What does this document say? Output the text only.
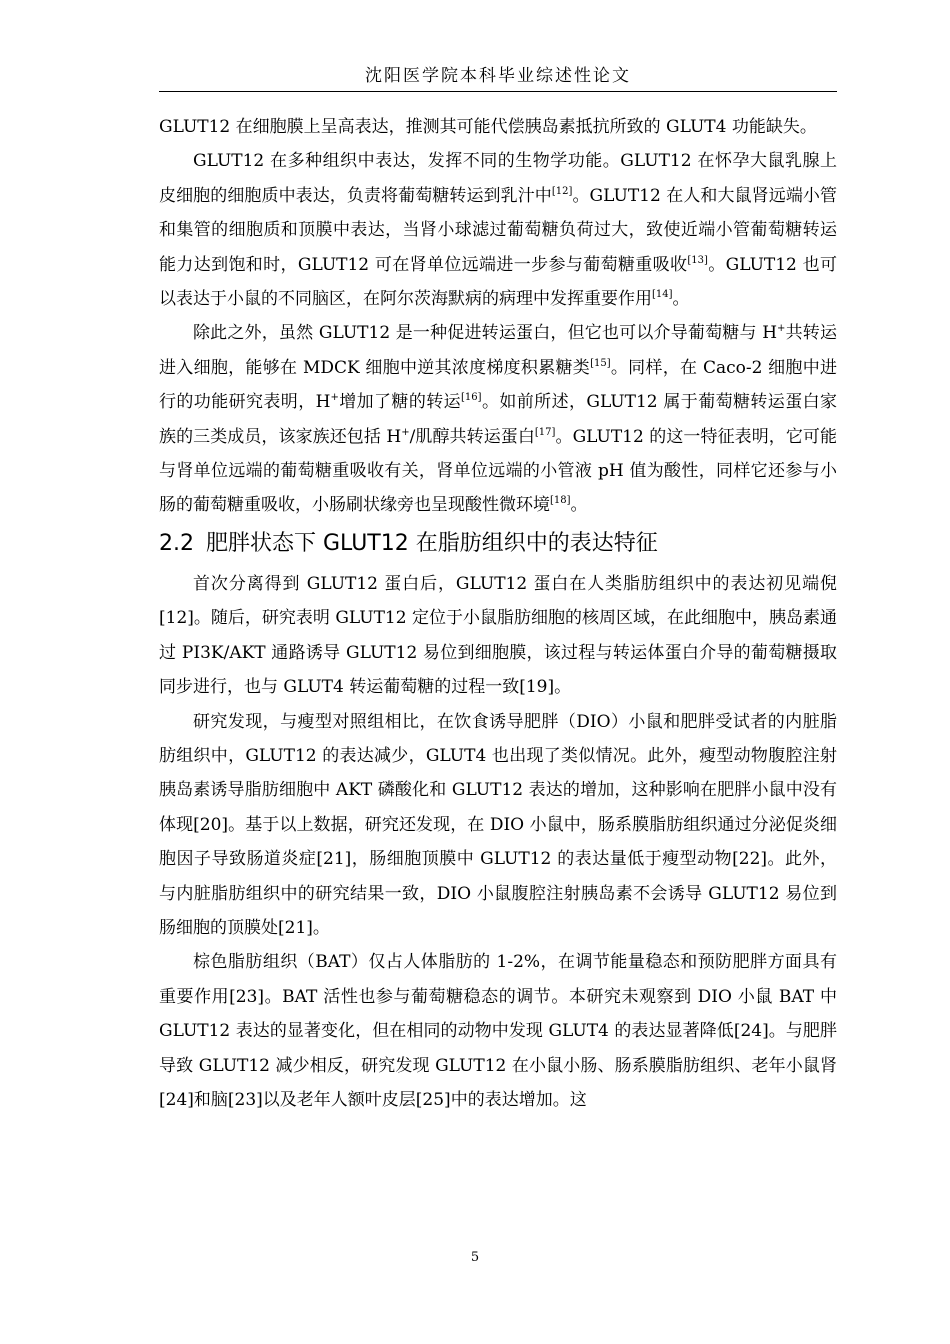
沈阳医学院本科毕业综述性论文

GLUT12 在细胞膜上呈高表达，推测其可能代偿胰岛素抵抗所致的 GLUT4 功能缺失。

GLUT12 在多种组织中表达，发挥不同的生物学功能。GLUT12 在怀孕大鼠乳腺上皮细胞的细胞质中表达，负责将葡萄糖转运到乳汁中[12]。GLUT12 在人和大鼠肾远端小管和集管的细胞质和顶膜中表达，当肾小球滤过葡萄糖负荷过大，致使近端小管葡萄糖转运能力达到饱和时，GLUT12 可在肾单位远端进一步参与葡萄糖重吸收[13]。GLUT12 也可以表达于小鼠的不同脑区，在阿尔茨海默病的病理中发挥重要作用[14]。

除此之外，虽然 GLUT12 是一种促进转运蛋白，但它也可以介导葡萄糖与 H+共转运进入细胞，能够在 MDCK 细胞中逆其浓度梯度积累糖类[15]。同样，在 Caco-2 细胞中进行的功能研究表明，H+增加了糖的转运[16]。如前所述，GLUT12 属于葡萄糖转运蛋白家族的三类成员，该家族还包括 H+/肌醇共转运蛋白[17]。GLUT12 的这一特征表明，它可能与肾单位远端的葡萄糖重吸收有关，肾单位远端的小管液 pH 值为酸性，同样它还参与小肠的葡萄糖重吸收，小肠刷状缘旁也呈现酸性微环境[18]。

2.2 肥胖状态下 GLUT12 在脂肪组织中的表达特征

首次分离得到 GLUT12 蛋白后，GLUT12 蛋白在人类脂肪组织中的表达初见端倪[12]。随后，研究表明 GLUT12 定位于小鼠脂肪细胞的核周区域，在此细胞中，胰岛素通过 PI3K/AKT 通路诱导 GLUT12 易位到细胞膜，该过程与转运体蛋白介导的葡萄糖摄取同步进行，也与 GLUT4 转运葡萄糖的过程一致[19]。

研究发现，与瘦型对照组相比，在饮食诱导肥胖（DIO）小鼠和肥胖受试者的内脏脂肪组织中，GLUT12 的表达减少，GLUT4 也出现了类似情况。此外，瘦型动物腹腔注射胰岛素诱导脂肪细胞中 AKT 磷酸化和 GLUT12 表达的增加，这种影响在肥胖小鼠中没有体现[20]。基于以上数据，研究还发现，在 DIO 小鼠中，肠系膜脂肪组织通过分泌促炎细胞因子导致肠道炎症[21]，肠细胞顶膜中 GLUT12 的表达量低于瘦型动物[22]。此外，与内脏脂肪组织中的研究结果一致，DIO 小鼠腹腔注射胰岛素不会诱导 GLUT12 易位到肠细胞的顶膜处[21]。

棕色脂肪组织（BAT）仅占人体脂肪的 1-2%，在调节能量稳态和预防肥胖方面具有重要作用[23]。BAT 活性也参与葡萄糖稳态的调节。本研究未观察到 DIO 小鼠 BAT 中 GLUT12 表达的显著变化，但在相同的动物中发现 GLUT4 的表达显著降低[24]。与肥胖导致 GLUT12 减少相反，研究发现 GLUT12 在小鼠小肠、肠系膜脂肪组织、老年小鼠肾[24]和脑[23]以及老年人额叶皮层[25]中的表达增加。这

5
